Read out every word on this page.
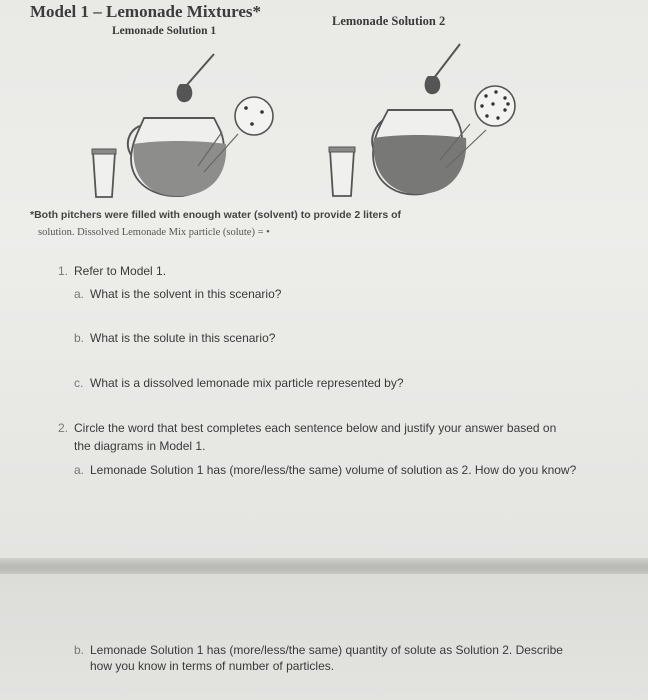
Model 1 – Lemonade Mixtures*
Lemonade Solution 1
Lemonade Solution 2
*Both pitchers were filled with enough water (solvent) to provide 2 liters of
solution. Dissolved Lemonade Mix particle (solute) = •
1. Refer to Model 1.
a. What is the solvent in this scenario?
b. What is the solute in this scenario?
c. What is a dissolved lemonade mix particle represented by?
2. Circle the word that best completes each sentence below and justify your answer based on
the diagrams in Model 1.
a. Lemonade Solution 1 has (more/less/the same) volume of solution as 2. How do you know?
b. Lemonade Solution 1 has (more/less/the same) quantity of solute as Solution 2. Describe
how you know in terms of number of particles.
